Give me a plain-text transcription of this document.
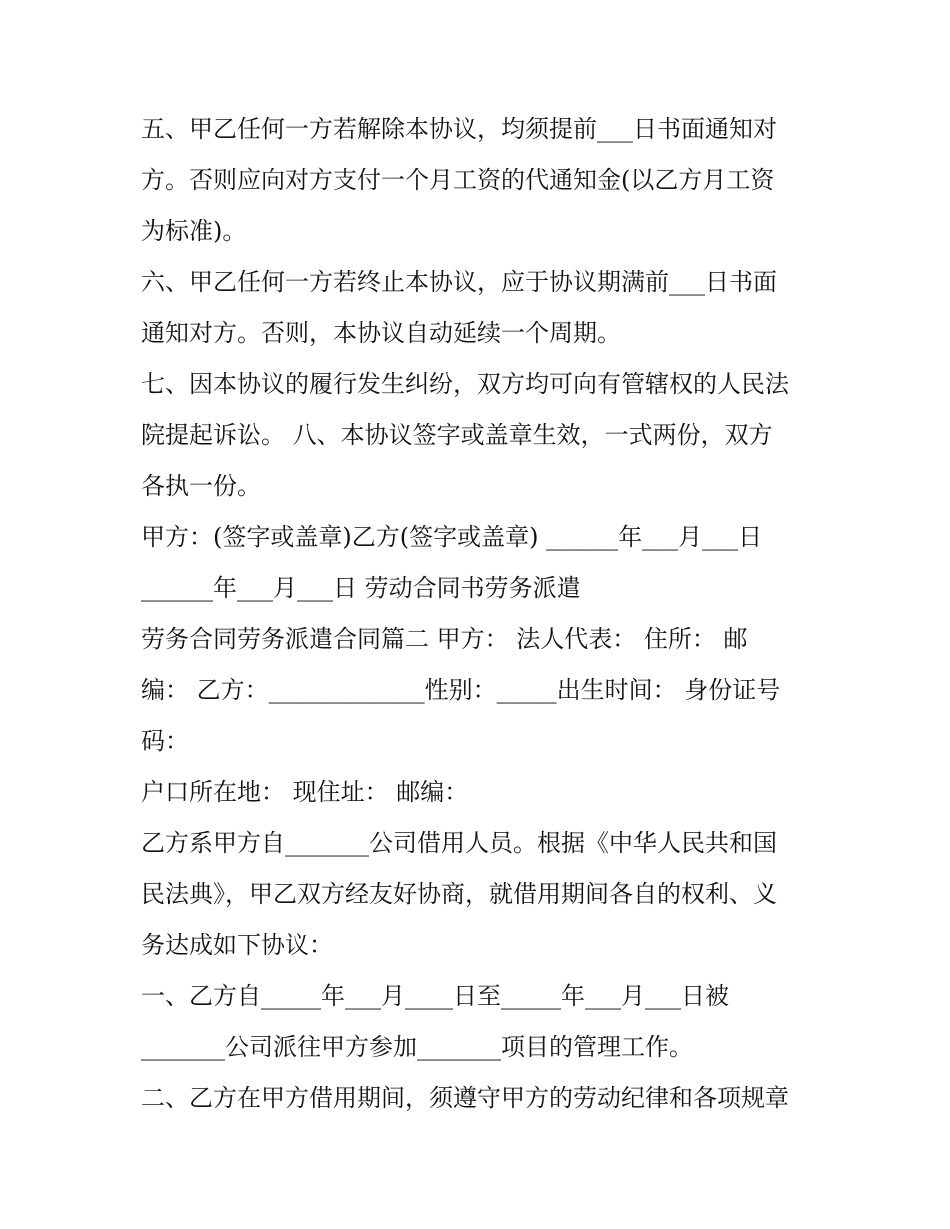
五、甲乙任何一方若解除本协议，均须提前___日书面通知对
方。否则应向对方支付一个月工资的代通知金(以乙方月工资
为标准)。
六、甲乙任何一方若终止本协议，应于协议期满前___日书面
通知对方。否则，本协议自动延续一个周期。
七、因本协议的履行发生纠纷，双方均可向有管辖权的人民法
院提起诉讼。 八、本协议签字或盖章生效，一式两份，双方
各执一份。
甲方：(签字或盖章)乙方(签字或盖章) ______年___月___日
______年___月___日 劳动合同书劳务派遣
劳务合同劳务派遣合同篇二 甲方： 法人代表： 住所： 邮
编： 乙方：_____________性别：_____出生时间： 身份证号
码：
户口所在地： 现住址： 邮编：
乙方系甲方自_______公司借用人员。根据《中华人民共和国
民法典》，甲乙双方经友好协商，就借用期间各自的权利、义
务达成如下协议：
一、乙方自_____年___月____日至_____年___月___日被
_______公司派往甲方参加_______项目的管理工作。
二、乙方在甲方借用期间，须遵守甲方的劳动纪律和各项规章
